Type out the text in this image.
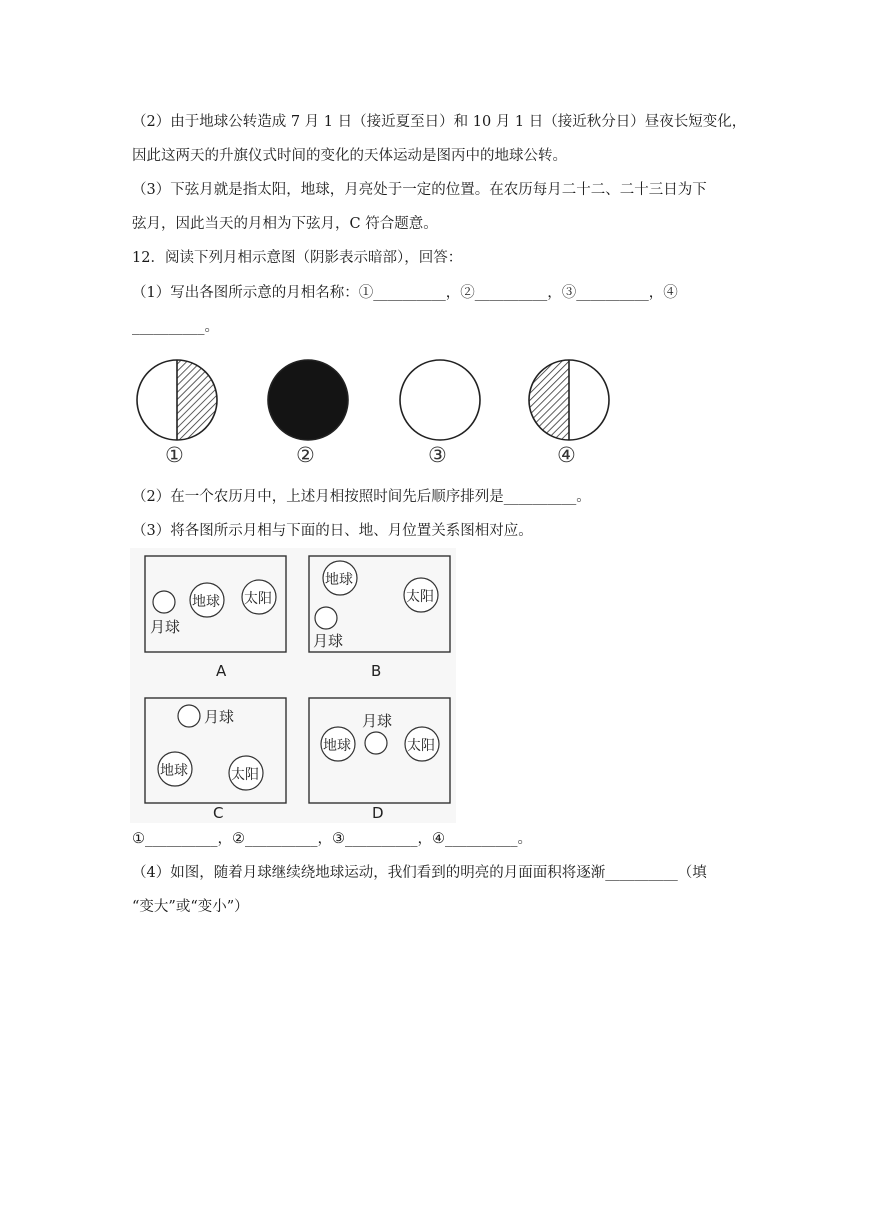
（2）由于地球公转造成 7 月 1 日（接近夏至日）和 10 月 1 日（接近秋分日）昼夜长短变化，
因此这两天的升旗仪式时间的变化的天体运动是图丙中的地球公转。
（3）下弦月就是指太阳，地球，月亮处于一定的位置。在农历每月二十二、二十三日为下
弦月，因此当天的月相为下弦月，C 符合题意。
12．阅读下列月相示意图（阴影表示暗部），回答：
（1）写出各图所示意的月相名称：①__________，②__________，③__________，④
__________。
①	②	③	④
（2）在一个农历月中，上述月相按照时间先后顺序排列是__________。
（3）将各图所示月相与下面的日、地、月位置关系图相对应。
月球
地球 太阳
A
地球
太阳
月球
B
月球
地球	太阳
C
月球
地球	太阳
D
①__________，②__________，③__________，④__________。
（4）如图，随着月球继续绕地球运动，我们看到的明亮的月面面积将逐渐__________（填
“变大”或“变小”）
